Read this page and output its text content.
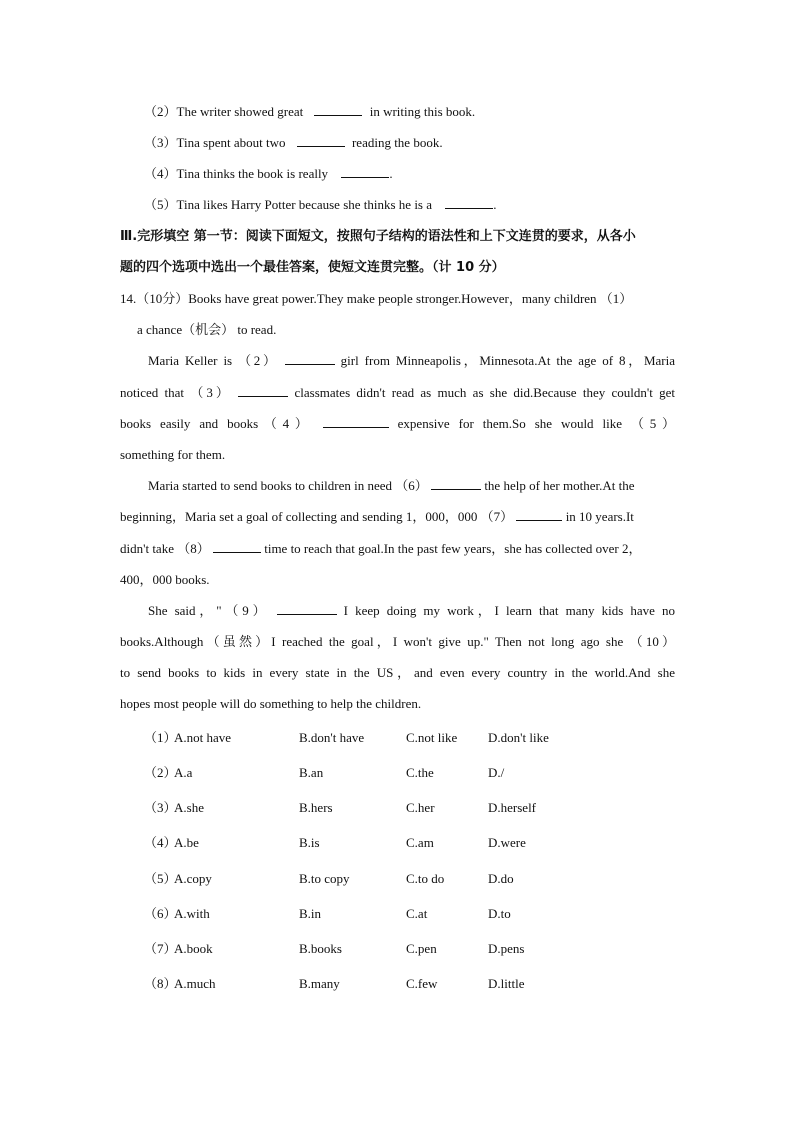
（2）The writer showed great	in writing this book.
（3）Tina spent about two	reading the book.
（4）Tina thinks the book is really	.
（5）Tina likes Harry Potter because she thinks he is a	.
Ⅲ.完形填空 第一节：阅读下面短文，按照句子结构的语法性和上下文连贯的要求，从各小
题的四个选项中选出一个最佳答案，使短文连贯完整。（计 10 分）
14.（10分）Books have great power.They make people stronger.However，many children （1）
a chance（机会） to read.
Maria Keller is （2）	girl from Minneapolis，Minnesota.At the age of 8，Maria
noticed that （3）	classmates didn't read as much as she did.Because they couldn't get
books easily and books（4）	expensive for them.So she would like （5）
something for them.
Maria started to send books to children in need （6）	the help of her mother.At the
beginning，Maria set a goal of collecting and sending 1，000，000 （7）	in 10 years.It
didn't take （8）	time to reach that goal.In the past few years，she has collected over 2，
400，000 books.
She said，"（9）	I keep doing my work，I learn that many kids have no
books.Although（虽然）I reached the goal，I won't give up." Then not long ago she （10）
to send books to kids in every state in the US，and even every country in the world.And she
hopes most people will do something to help the children.
（1）
A.not have	B.don't have	C.not like D.don't like
（2）
A.a	B.an	C.the	D./
（3）
A.she	B.hers	C.her	D.herself
（4）
A.be	B.is	C.am	D.were
（5）
A.copy	B.to copy	C.to do	D.do
（6）
A.with	B.in	C.at	D.to
（7）
A.book	B.books	C.pen	D.pens
（8）
A.much	B.many	C.few	D.little
